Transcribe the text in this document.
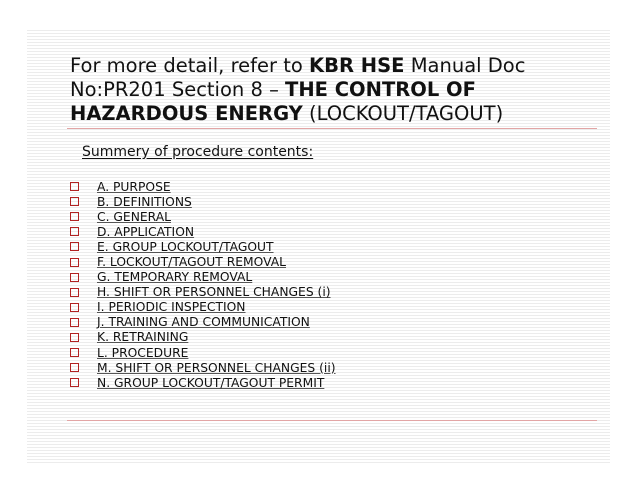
For more detail, refer to KBR HSE Manual Doc No:PR201 Section 8 – THE CONTROL OF HAZARDOUS ENERGY (LOCKOUT/TAGOUT)
Summery of procedure contents:
A. PURPOSE
B. DEFINITIONS
C. GENERAL
D. APPLICATION
E. GROUP LOCKOUT/TAGOUT
F. LOCKOUT/TAGOUT REMOVAL
G. TEMPORARY REMOVAL
H. SHIFT OR PERSONNEL CHANGES (i)
I. PERIODIC INSPECTION
J. TRAINING AND COMMUNICATION
K. RETRAINING
L. PROCEDURE
M. SHIFT OR PERSONNEL CHANGES (ii)
N. GROUP LOCKOUT/TAGOUT PERMIT
